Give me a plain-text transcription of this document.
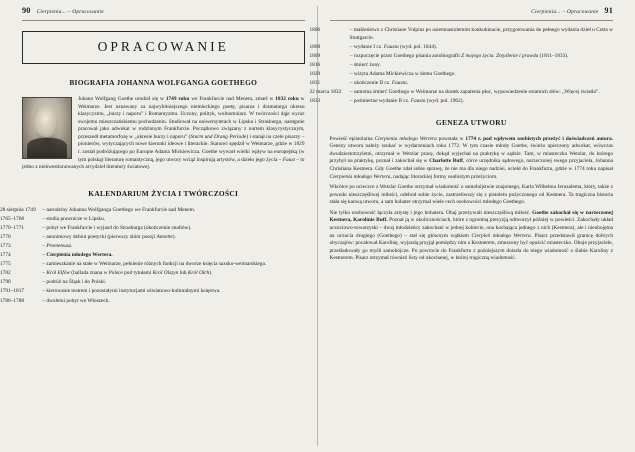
90 Cierpienia... – Opracowanie
OPRACOWANIE
BIOGRAFIA JOHANNA WOLFGANGA GOETHEGO

Johann Wolfgang Goethe urodził się w 1749 roku we Frankfurcie nad Menem, zmarł w 1832 roku w Weimarze. Jest uznawany za najwybitniejszego niemieckiego poetę, pisarza i dramaturga okresu klasycyzmu, „burzy i naporu” i Romantyzmu. Uczony, polityk, wolnomularz. W twórczości dąje wyraz swojemu mieszczańskiemu pochodzeniu. Studiował na uniwersytetach w Lipsku i Strasburgu, następnie pracował jako adwokat w rodzinnym Frankfurcie. Początkowo związany z nurtem klasycystycznym, przeszedł metamorfozę w „okresie burzy i naporu” (Sturm und Drang Periode) i stanął na czele pisarzy – pionierów, wytyczających nowe kierunki ideowe i literackie. Stanowi spędził w Weimarze, gdzie w 1829 r. został podróżującego po Europie Adama Mickiewicza. Goethe wywarł wielki wpływ na europejską (w tym polską) literaturę romantyczną, jego utwory wciąż inspirują artystów, a dzieło jego życia – Faust – to jedno z niekwestionowanych arcydzieł literatury światowej.

KALENDARIUM ŻYCIA I TWÓRCZOŚCI
28 sierpnia 1749 – narodziny Johanna Wolfganga Goethego we Frankfurcie nad Menem.
1765–1768	– studia prawnicze w Lipsku.
1770–1771	– pobyt we Frankfurcie i wyjazd do Strasburga (ukończenie studiów).
1770	– anonimowy debiut poetycki (pierwszy zbiór poezji Annette).
1773	– Prometeusz.
1774	– Cierpienia młodego Wertera.
1775	– zamieszkanie na stałe w Weimarze, pełnienie różnych funkcji na dworze księcia saxsko-weimarskiego.
1782	– Król Elfów (ballada znana w Polsce pod tytułami Król Olszyn lub Król Olch).
1790	– podróż na Śląsk i do Polski.
1791–1817	– kierowanie teatrem i pozostałymi instytucjami oświatowo-kulturalnymi księstwa.
1786–1788	– dwuletni pobyt we Włoszech.
Cierpienia... – Opracowanie 91
1806	– małżeństwo z Christiane Vulpius po osiemnastoletnim konkubinacie, przygotowania do pełnego wydania dzieł u Cotta w Stuttgarcie.
1808	– wydanie I cz. Fausta (wyd. pol. 1844).
1809	– rozpoczęcie przez Goethego pisania autobiografii Z mojego życia. Zmyślenie i prawda (1811–1833).
1816	– śmierć żony.
1829	– wizyta Adama Mickiewicza w domu Goethego.
1831	– ukończenie II cz. Fausta.
22 marca 1832 – samotna śmierć Goethego w Weimarze na skutek zapalenia płuc, wypowiedzenie ostatnich słów: „Więcej światła”.
1833	– pośmiertne wydanie II cz. Fausta (wyd. pol. 1962).
GENEZA UTWORU

Powieść epistolarna Cierpienia młodego Wertera powstała w 1774 r. pod wpływem osobistych przeżyć i doświadczeń autora. Genezy utworu należy szukać w wydarzeniach roku 1772. W tym czasie młody Goethe, świeżo upieczony adwokat, wówczas dwudziestotrzyletni, otrzymał w Wetzlar pracę, dokąd wyjechał na praktykę w sądzie. Tam, w miasteczku Wetzlar, do którego przybył na praktykę, poznał i zakochał się w Charlotte Buff, córce urzędnika sądowego, narzeczonej swego przyjaciela, Johanna Christiana Kestnera. Gdy Goethe zdał sobie sprawę, że nie ma dla niego nadziei, uciekł do Frankfurtu, gdzie w 1774 roku napisał Cierpienia młodego Wertera, nadając literackiej formy osobistym przeżyciom.

Wkrótce po ucieczce z Wetzlar Goethe otrzymał wiadomość o samobójstwie znajomego, Karla Wilhelma Jeruzalema, który, także z powodu nieszczęśliwej miłości, odebrał sobie życie, zastrzeliwszy się z pistoletu pożyczonego od Kestnera. Ta tragiczna historia stała się kanwą utworu, a sam bohater otrzymał wiele cech osobowości młodego Goethego.

Nie tylko osobowość łączyła artystę i jego bohatera. Obaj przeżywali nieszczęśliwą miłość. Goethe zakochał się w narzeczonej Kestnera, Karolinie Buff. Poznał ją w okolicznościach, które z ogromną precyzją odtworzył później w powieści. Zakochały układ uczuciowo-towarzyski – dwaj młodzieńcy zakochani w jednej kobiecie, ona kochająca jednego z nich (Kestnera), ale i nieobojętna na uczucia drugiego (Goethego) – stał się głównym wątkiem Cierpień młodego Wertera. Pisarz przedstawił granicę dobrych obyczajów: pocałował Karolinę, wyjazdą przyjął pomiędzy nim a Kestnerem, zmuszony być opuścić miasteczko. Oboje przyjaciele, prześladowały go myśli samobójcze. Po powrocie do Frankfurtu z pożniejszym dotarła do niego wiadomość o ślubie Karoliny z Kestnerem. Pisarz otrzymał również listy od ukochanej, w której tragiczną wiadomość.
